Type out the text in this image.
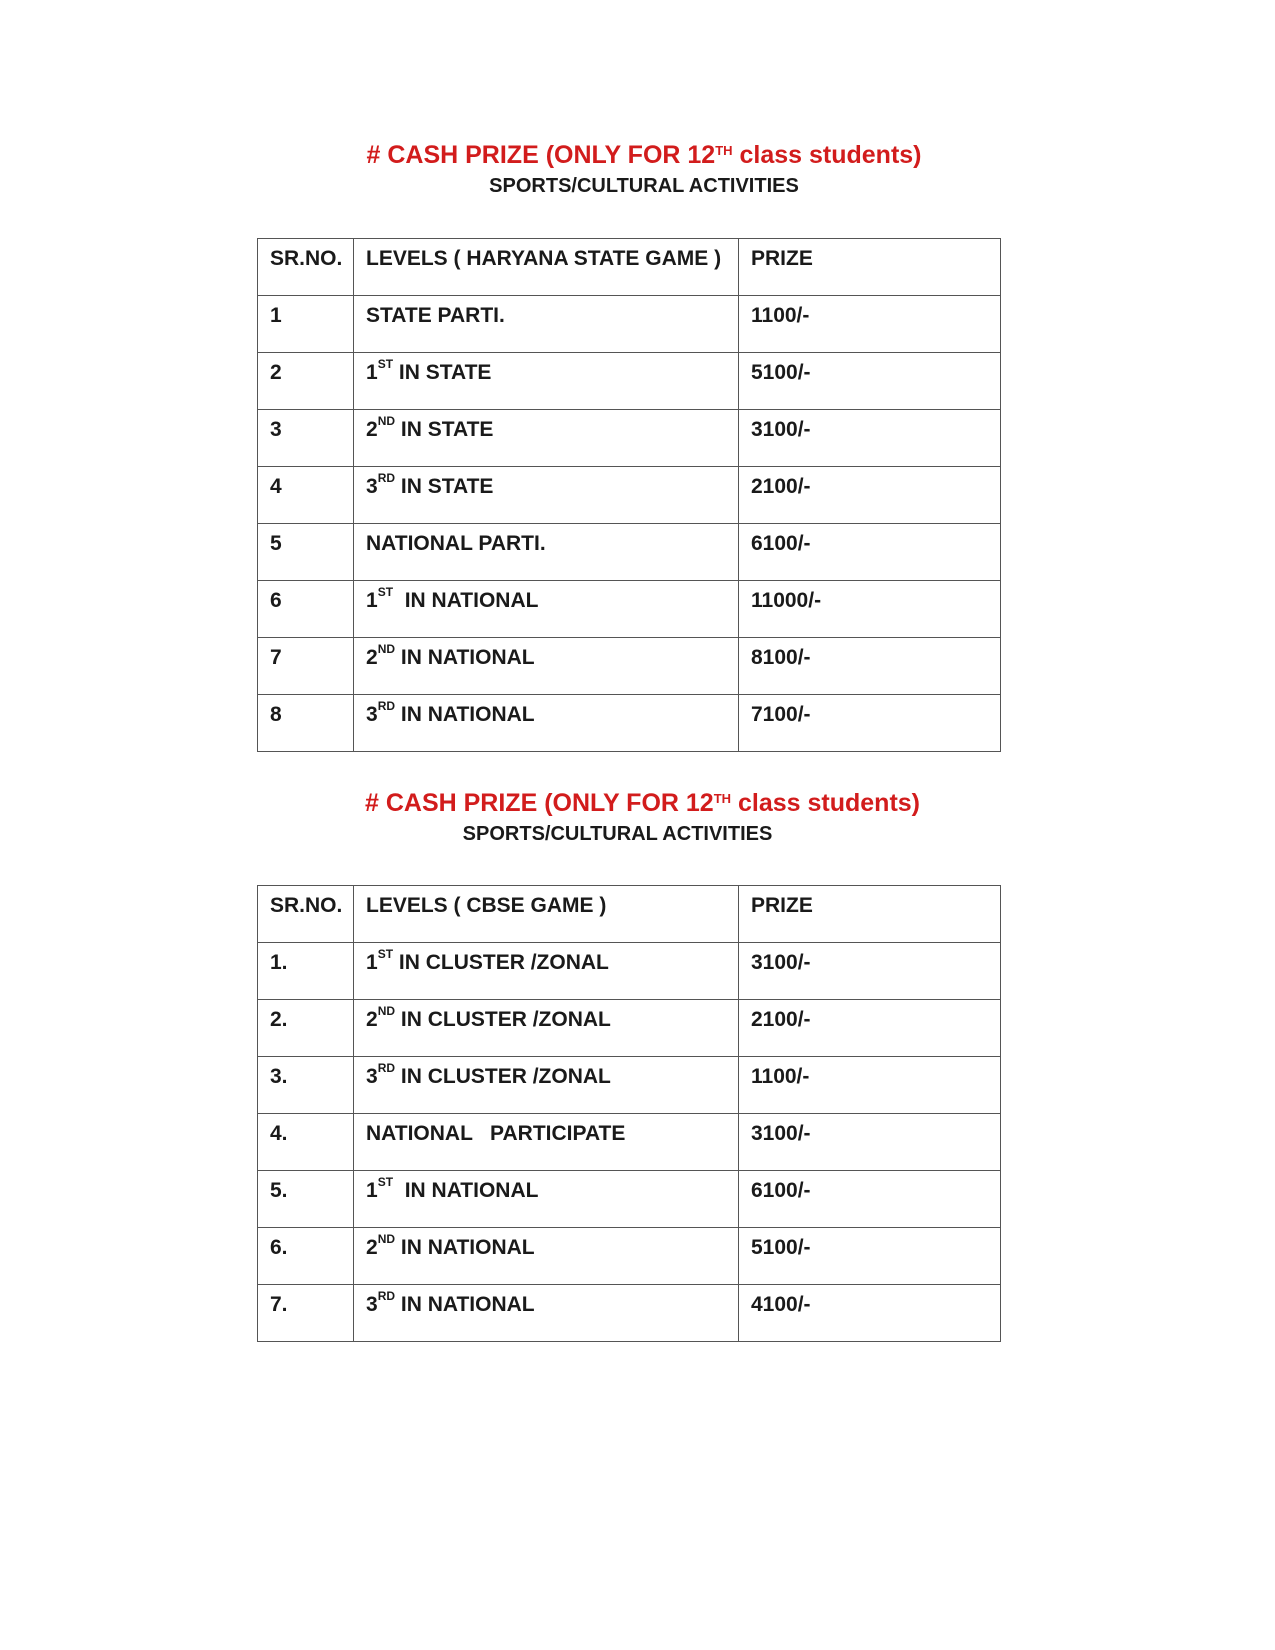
# CASH PRIZE (ONLY FOR 12TH class students)
SPORTS/CULTURAL ACTIVITIES
SR.NO.	LEVELS ( HARYANA STATE GAME )	PRIZE
1	STATE PARTI.	1100/-
2	1ST IN STATE	5100/-
3	2ND IN STATE	3100/-
4	3RD IN STATE	2100/-
5	NATIONAL PARTI.	6100/-
6	1ST  IN NATIONAL	11000/-
7	2ND IN NATIONAL	8100/-
8	3RD IN NATIONAL	7100/-
# CASH PRIZE (ONLY FOR 12TH class students)
SPORTS/CULTURAL ACTIVITIES
SR.NO.	LEVELS ( CBSE GAME )	PRIZE
1.	1ST IN CLUSTER /ZONAL	3100/-
2.	2ND IN CLUSTER /ZONAL	2100/-
3.	3RD IN CLUSTER /ZONAL	1100/-
4.	NATIONAL   PARTICIPATE	3100/-
5.	1ST  IN NATIONAL	6100/-
6.	2ND IN NATIONAL	5100/-
7.	3RD IN NATIONAL	4100/-
